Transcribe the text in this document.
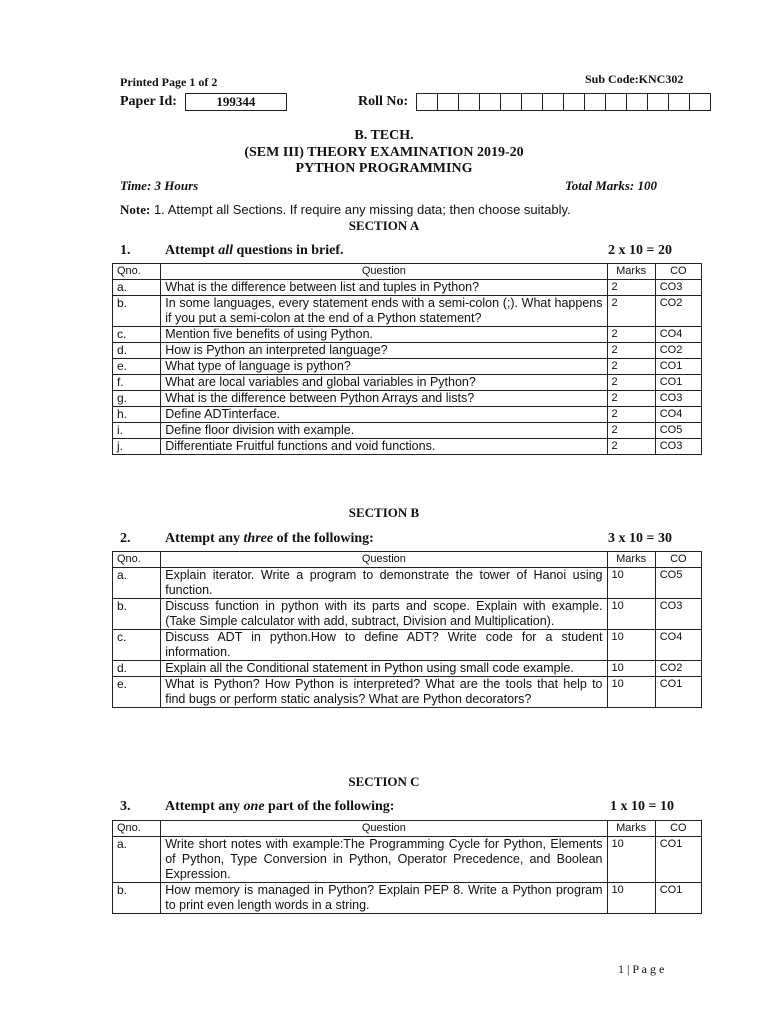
Printed Page 1 of 2	Sub Code:KNC302
Paper Id:	199344	Roll No:
B. TECH.
(SEM III) THEORY EXAMINATION 2019-20
PYTHON PROGRAMMING
Time: 3 Hours	Total Marks: 100
Note: 1. Attempt all Sections. If require any missing data; then choose suitably.
SECTION A
1. Attempt all questions in brief.	2 x 10 = 20
Qno.	Question	Marks	CO
a.	What is the difference between list and tuples in Python?	2	CO3
b.	In some languages, every statement ends with a semi-colon (;). What happens if you put a semi-colon at the end of a Python statement?	2	CO2
c.	Mention five benefits of using Python.	2	CO4
d.	How is Python an interpreted language?	2	CO2
e.	What type of language is python?	2	CO1
f.	What are local variables and global variables in Python?	2	CO1
g.	What is the difference between Python Arrays and lists?	2	CO3
h.	Define ADTinterface.	2	CO4
i.	Define floor division with example.	2	CO5
j.	Differentiate Fruitful functions and void functions.	2	CO3
SECTION B
2. Attempt any three of the following:	3 x 10 = 30
Qno.	Question	Marks	CO
a.	Explain iterator. Write a program to demonstrate the tower of Hanoi using function.	10	CO5
b.	Discuss function in python with its parts and scope. Explain with example. (Take Simple calculator with add, subtract, Division and Multiplication).	10	CO3
c.	Discuss ADT in python.How to define ADT? Write code for a student information.	10	CO4
d.	Explain all the Conditional statement in Python using small code example.	10	CO2
e.	What is Python? How Python is interpreted? What are the tools that help to find bugs or perform static analysis? What are Python decorators?	10	CO1
SECTION C
3. Attempt any one part of the following:	1 x 10 = 10
Qno.	Question	Marks	CO
a.	Write short notes with example:The Programming Cycle for Python, Elements of Python, Type Conversion in Python, Operator Precedence, and Boolean Expression.	10	CO1
b.	How memory is managed in Python? Explain PEP 8. Write a Python program to print even length words in a string.	10	CO1
1 | P a g e
